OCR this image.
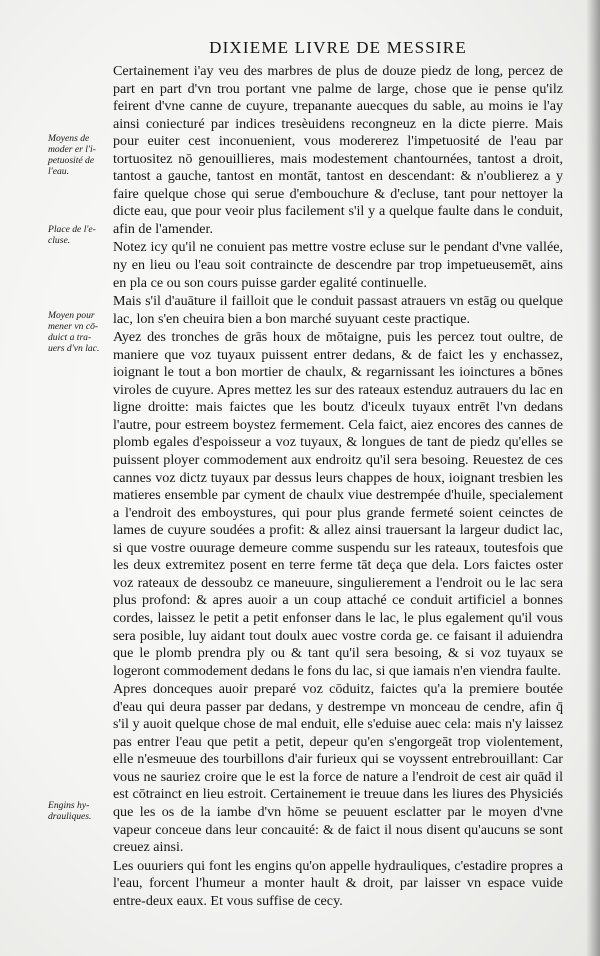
DIXIEME LIVRE DE MESSIRE
Moyens de moder er l'i- petuosité de l'eau.
Place de l'e- cluse.
Moyen pour mener vn cō- duict a tra- uers d'vn lac.
Engins hy- drauliques.

Certainement i'ay veu des marbres de plus de douze piedz de long, percez de part en part d'vn trou portant vne palme de large, chose que ie pense qu'ilz feirent d'vne canne de cuyure, trepanante auecques du sable, au moins ie l'ay ainsi coniecturé par indices tresèuidens recongneuz en la dicte pierre. Mais pour euiter cest inconuenient, vous modererez l'impetuosité de l'eau par tortuositez nō genouillieres, mais modestement chantournées, tantost a droit, tantost a gauche, tantost en montāt, tantost en descendant: & n'oublierez a y faire quelque chose qui serue d'embouchure & d'ecluse, tant pour nettoyer la dicte eau, que pour veoir plus facilement s'il y a quelque faulte dans le conduit, afin de l'amender.

Notez icy qu'il ne conuient pas mettre vostre ecluse sur le pendant d'vne vallée, ny en lieu ou l'eau soit contraincte de descendre par trop impetueusemēt, ains en pla ce ou son cours puisse garder egalité continuelle.

Mais s'il d'auāture il failloit que le conduit passast atrauers vn estāg ou quelque lac, lon s'en cheuira bien a bon marché suyuant ceste practique.

Ayez des tronches de grās houx de mōtaigne, puis les percez tout oultre, de maniere que voz tuyaux puissent entrer dedans, & de faict les y enchassez, ioignant le tout a bon mortier de chaulx, & regarnissant les ioinctures a bōnes viroles de cuyure. Apres mettez les sur des rateaux estenduz autrauers du lac en ligne droitte: mais faictes que les boutz d'iceulx tuyaux entrēt l'vn dedans l'autre, pour estreem boystez fermement. Cela faict, aiez encores des cannes de plomb egales d'espoisseur a voz tuyaux, & longues de tant de piedz qu'elles se puissent ployer commodement aux endroitz qu'il sera besoing. Reuestez de ces cannes voz dictz tuyaux par dessus leurs chappes de houx, ioignant tresbien les matieres ensemble par cyment de chaulx viue destrempée d'huile, specialement a l'endroit des emboystures, qui pour plus grande fermeté soient ceinctes de lames de cuyure soudées a profit: & allez ainsi trauersant la largeur dudict lac, si que vostre ouurage demeure comme suspendu sur les rateaux, toutesfois que les deux extremitez posent en terre ferme tāt deça que dela. Lors faictes oster voz rateaux de dessoubz ce maneuure, singulierement a l'endroit ou le lac sera plus profond: & apres auoir a un coup attaché ce conduit artificiel a bonnes cordes, laissez le petit a petit enfonser dans le lac, le plus egalement qu'il vous sera posible, luy aidant tout doulx auec vostre corda ge. ce faisant il aduiendra que le plomb prendra ply ou & tant qu'il sera besoing, & si voz tuyaux se logeront commodement dedans le fons du lac, si que iamais n'en viendra faulte.

Apres donceques auoir preparé voz cōduitz, faictes qu'a la premiere boutée d'eau qui deura passer par dedans, y destrempe vn monceau de cendre, afin q̄ s'il y auoit quelque chose de mal enduit, elle s'eduise auec cela: mais n'y laissez pas entrer l'eau que petit a petit, depeur qu'en s'engorgeāt trop violentement, elle n'esmeuue des tourbillons d'air furieux qui se voyssent entrebrouillant: Car vous ne sauriez croire que le est la force de nature a l'endroit de cest air quād il est cōtrainct en lieu estroit. Certainement ie treuue dans les liures des Physiciés que les os de la iambe d'vn hōme se peuuent esclatter par le moyen d'vne vapeur conceue dans leur concauité: & de faict il nous disent qu'aucuns se sont creuez ainsi.

Les ouuriers qui font les engins qu'on appelle hydrauliques, c'estadire propres a l'eau, forcent l'humeur a monter hault & droit, par laisser vn espace vuide entre-deux eaux. Et vous suffise de cecy.
